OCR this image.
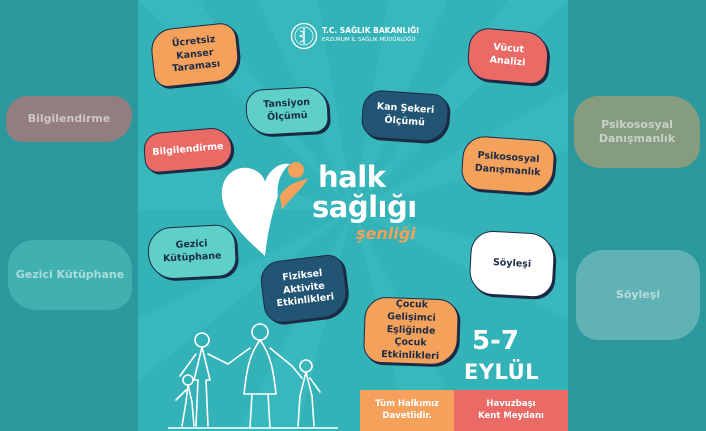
Bilgilendirme
Gezici Kütüphane
Psikososyal Danışmanlık
Söyleşi
T.C. SAĞLIK BAKANLIĞI
ERZURUM İL SAĞLIK MÜDÜRLÜĞÜ
Ücretsiz Kanser Taraması
Vücut Analizi
Tansiyon Ölçümü
Kan Şekeri Ölçümü
Bilgilendirme
Psikososyal Danışmanlık
Gezici Kütüphane	Söyleşi
Fiziksel Aktivite Etkinlikleri	Çocuk Gelişimci Eşliğinde Çocuk Etkinlikleri
halk
sağlığı
şenliği
5-7
EYLÜL
Tüm Halkımız
Davetlidir.
Havuzbaşı
Kent Meydanı
